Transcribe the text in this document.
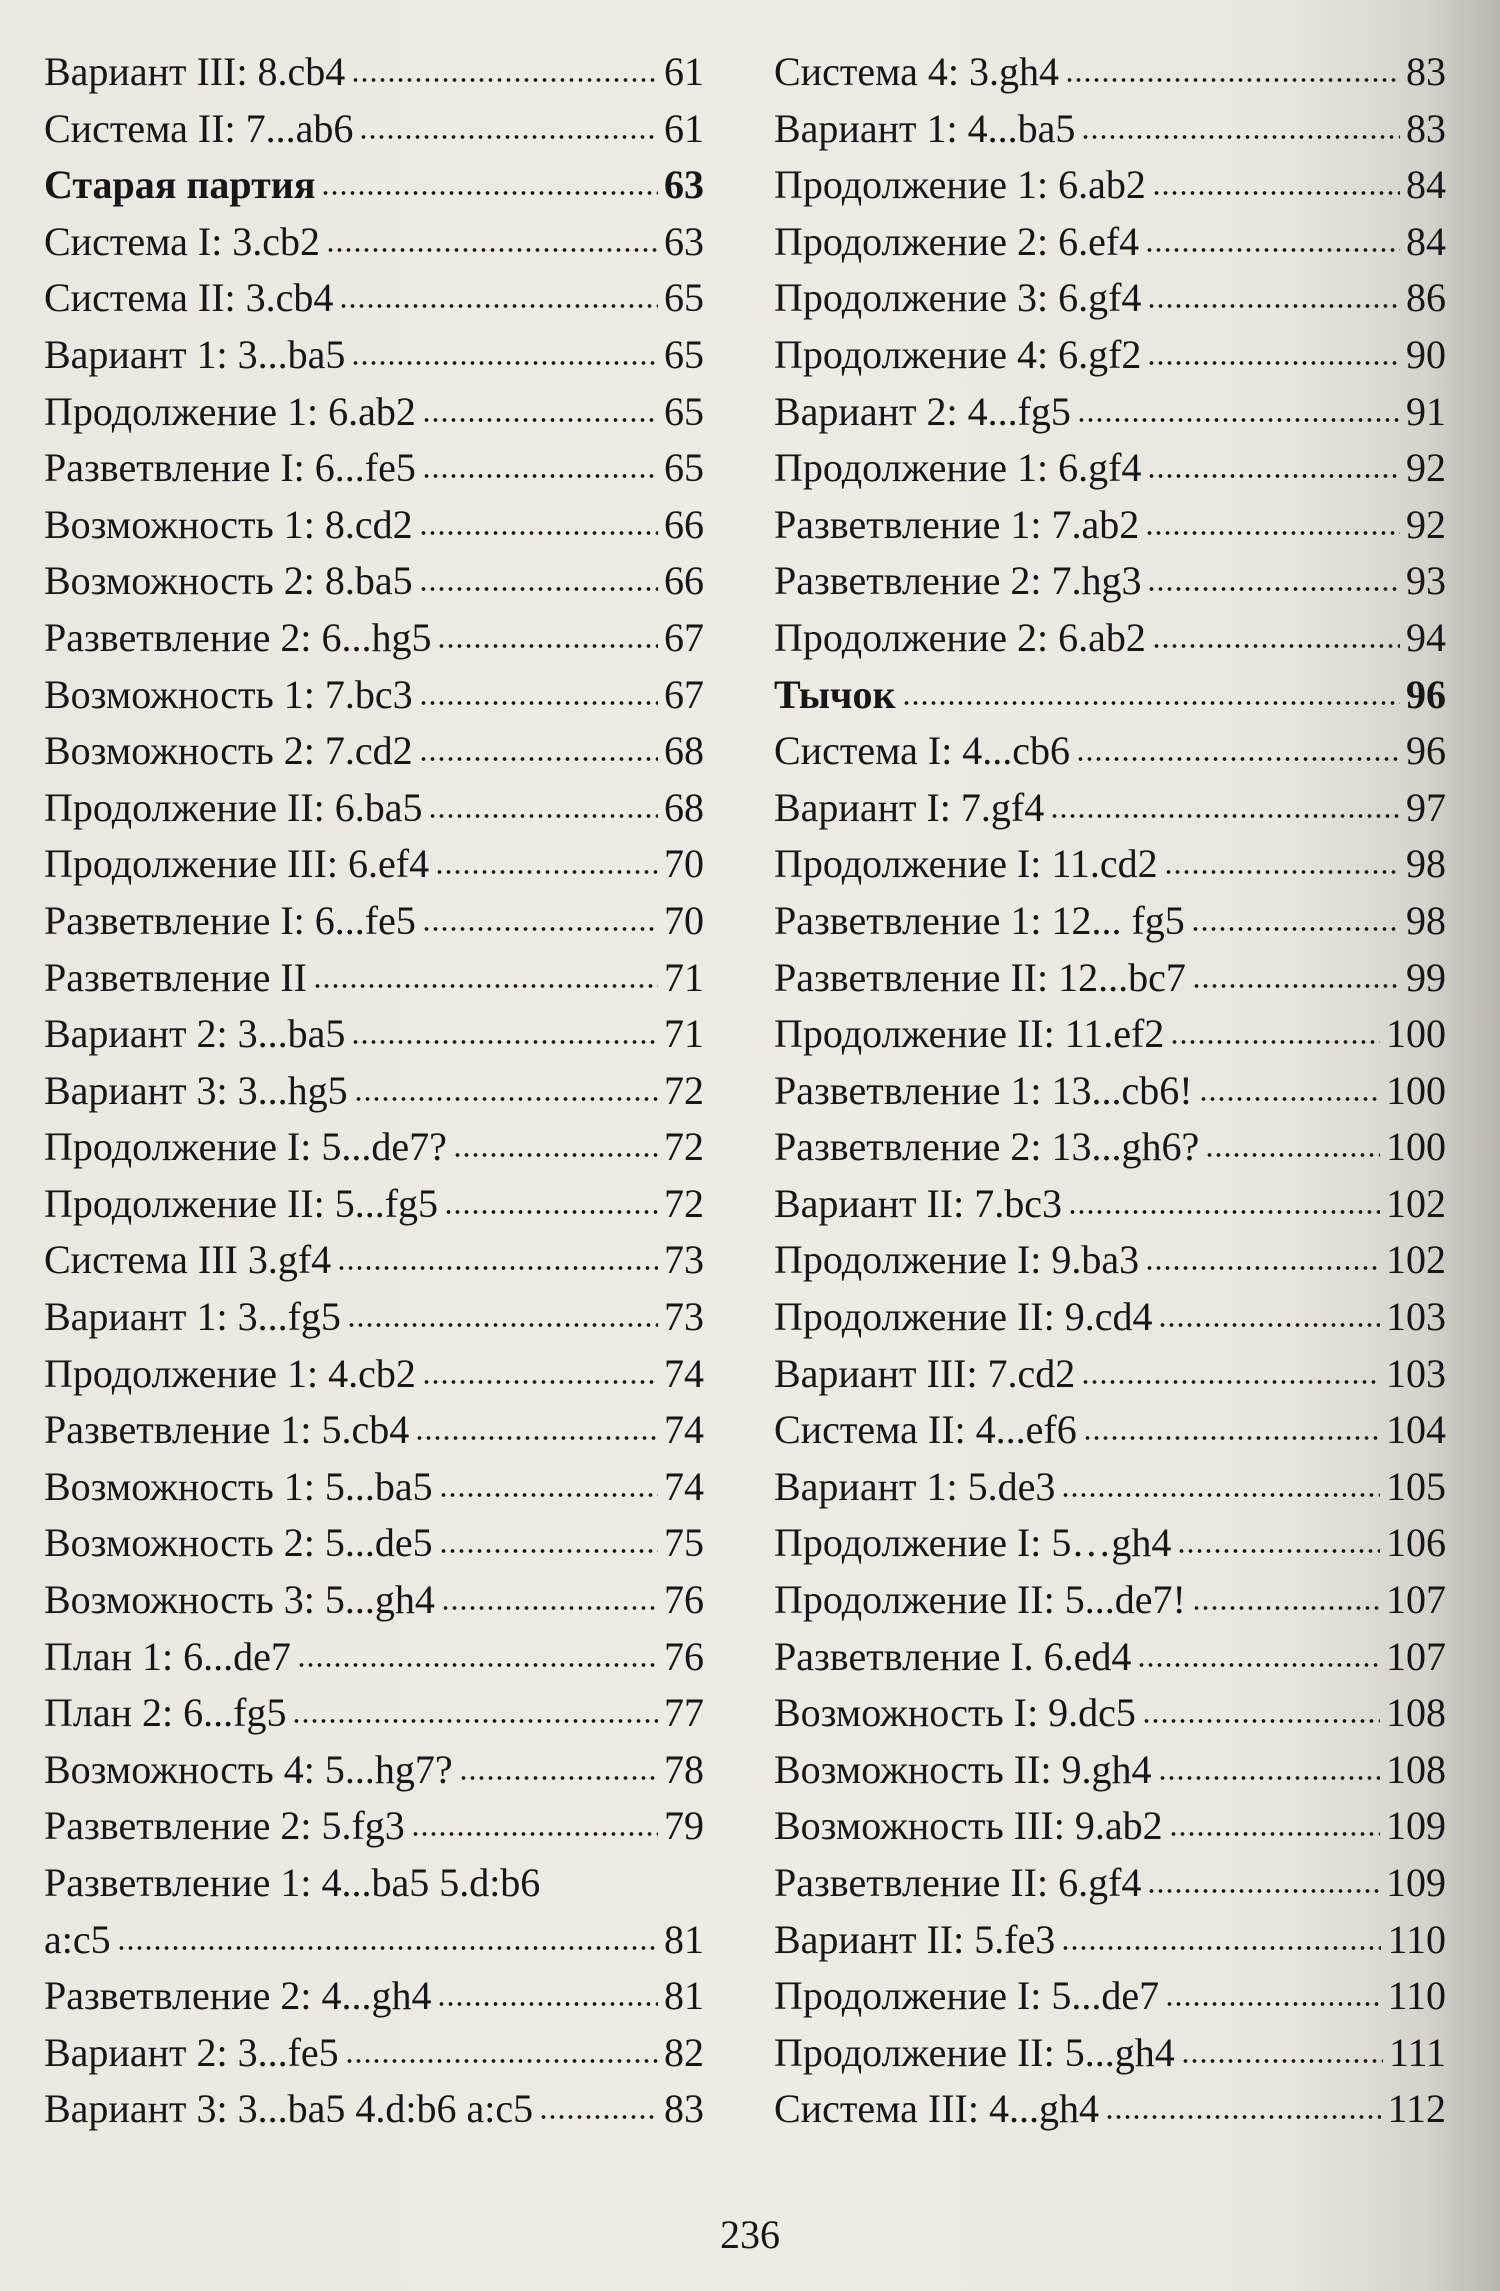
Вариант III: 8.cb4	61
Система II: 7...ab6	61
Старая партия	63
Система I: 3.cb2	63
Система II: 3.cb4	65
Вариант 1: 3...ba5	65
Продолжение 1: 6.ab2	65
Разветвление I: 6...fe5	65
Возможность 1: 8.cd2	66
Возможность 2: 8.ba5	66
Разветвление 2: 6...hg5	67
Возможность 1: 7.bc3	67
Возможность 2: 7.cd2	68
Продолжение II: 6.ba5	68
Продолжение III: 6.ef4	70
Разветвление I: 6...fe5	70
Разветвление II	71
Вариант 2: 3...ba5	71
Вариант 3: 3...hg5	72
Продолжение I: 5...de7?	72
Продолжение II: 5...fg5	72
Система III 3.gf4	73
Вариант 1: 3...fg5	73
Продолжение 1: 4.cb2	74
Разветвление 1: 5.cb4	74
Возможность 1: 5...ba5	74
Возможность 2: 5...de5	75
Возможность 3: 5...gh4	76
План 1: 6...de7	76
План 2: 6...fg5	77
Возможность 4: 5...hg7?	78
Разветвление 2: 5.fg3	79
Разветвление 1: 4...ba5 5.d:b6
a:c5	81
Разветвление 2: 4...gh4	81
Вариант 2: 3...fe5	82
Вариант 3: 3...ba5 4.d:b6 a:c5	83
Система 4: 3.gh4	83
Вариант 1: 4...ba5	83
Продолжение 1: 6.ab2	84
Продолжение 2: 6.ef4	84
Продолжение 3: 6.gf4	86
Продолжение 4: 6.gf2	90
Вариант 2: 4...fg5	91
Продолжение 1: 6.gf4	92
Разветвление 1: 7.ab2	92
Разветвление 2: 7.hg3	93
Продолжение 2: 6.ab2	94
Тычок	96
Система I: 4...cb6	96
Вариант I: 7.gf4	97
Продолжение I: 11.cd2	98
Разветвление 1: 12... fg5	98
Разветвление II: 12...bc7	99
Продолжение II: 11.ef2	100
Разветвление 1: 13...cb6!	100
Разветвление 2: 13...gh6?	100
Вариант II: 7.bc3	102
Продолжение I: 9.ba3	102
Продолжение II: 9.cd4	103
Вариант III: 7.cd2	103
Система II: 4...ef6	104
Вариант 1: 5.de3	105
Продолжение I: 5…gh4	106
Продолжение II: 5...de7!	107
Разветвление I. 6.ed4	107
Возможность I: 9.dc5	108
Возможность II: 9.gh4	108
Возможность III: 9.ab2	109
Разветвление II: 6.gf4	109
Вариант II: 5.fe3	110
Продолжение I: 5...de7	110
Продолжение II: 5...gh4	111
Система III: 4...gh4	112
236
